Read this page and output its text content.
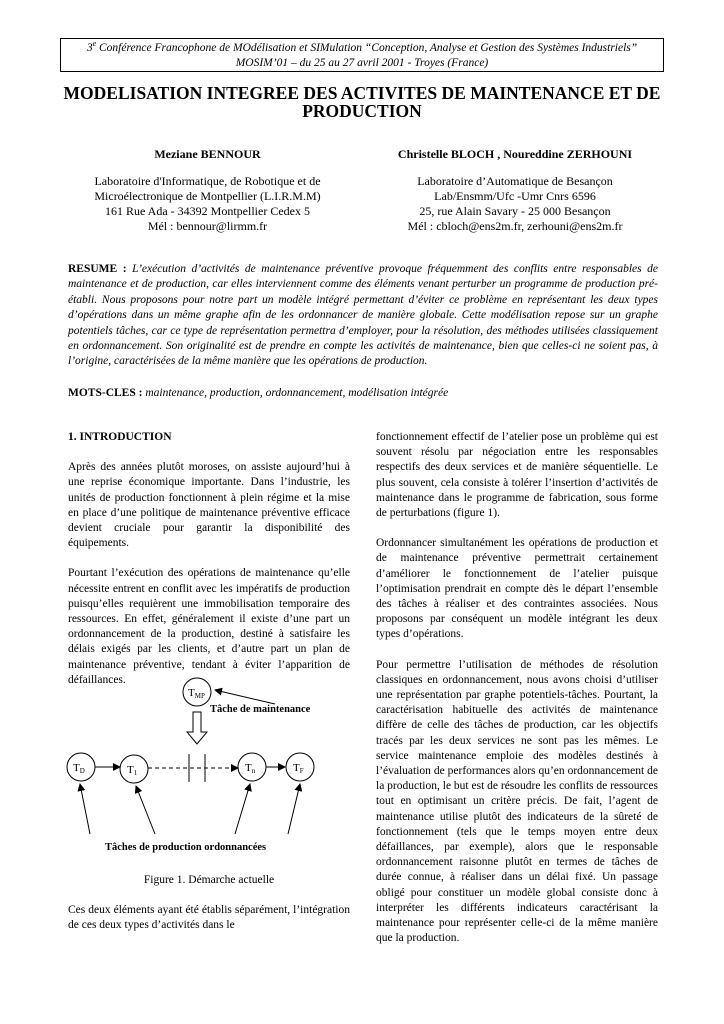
3e Conférence Francophone de MOdélisation et SIMulation “Conception, Analyse et Gestion des Systèmes Industriels”
MOSIM’01 – du 25 au 27 avril 2001 - Troyes (France)
MODELISATION INTEGREE DES ACTIVITES DE MAINTENANCE ET DE
PRODUCTION
Meziane BENNOUR
Laboratoire d'Informatique, de Robotique et de
Microélectronique de Montpellier (L.I.R.M.M)
161 Rue Ada - 34392 Montpellier Cedex 5
Mél : bennour@lirmm.fr
Christelle BLOCH , Noureddine ZERHOUNI
Laboratoire d’Automatique de Besançon
Lab/Ensmm/Ufc -Umr Cnrs 6596
25, rue Alain Savary - 25 000 Besançon
Mél : cbloch@ens2m.fr, zerhouni@ens2m.fr
RESUME : L’exécution d’activités de maintenance préventive provoque fréquemment des conflits entre responsables de maintenance et de production, car elles interviennent comme des éléments venant perturber un programme de production pré-établi. Nous proposons pour notre part un modèle intégré permettant d’éviter ce problème en représentant les deux types d’opérations dans un même graphe afin de les ordonnancer de manière globale. Cette modélisation repose sur un graphe potentiels tâches, car ce type de représentation permettra d’employer, pour la résolution, des méthodes utilisées classiquement en ordonnancement. Son originalité est de prendre en compte les activités de maintenance, bien que celles-ci ne soient pas, à l’origine, caractérisées de la même manière que les opérations de production.
MOTS-CLES : maintenance, production, ordonnancement, modélisation intégrée
1. INTRODUCTION

Après des années plutôt moroses, on assiste aujourd’hui à une reprise économique importante. Dans l’industrie, les unités de production fonctionnent à plein régime et la mise en place d’une politique de maintenance préventive efficace devient cruciale pour garantir la disponibilité des équipements.

Pourtant l’exécution des opérations de maintenance qu’elle nécessite entrent en conflit avec les impératifs de production puisqu’elles requièrent une immobilisation temporaire des ressources. En effet, généralement il existe d’une part un ordonnancement de la production, destiné à satisfaire les délais exigés par les clients, et d’autre part un plan de maintenance préventive, tendant à éviter l’apparition de défaillances.

TMP
Tâche de maintenance
TD	T1	Tn	TF
Tâches de production ordonnancées
Figure 1. Démarche actuelle
Ces deux éléments ayant été établis séparément, l’intégration de ces deux types d’activités dans le

fonctionnement effectif de l’atelier pose un problème qui est souvent résolu par négociation entre les responsables respectifs des deux services et de manière séquentielle. Le plus souvent, cela consiste à tolérer l’insertion d’activités de maintenance dans le programme de fabrication, sous forme de perturbations (figure 1).

Ordonnancer simultanément les opérations de production et de maintenance préventive permettrait certainement d’améliorer le fonctionnement de l’atelier puisque l’optimisation prendrait en compte dès le départ l’ensemble des tâches à réaliser et des contraintes associées. Nous proposons par conséquent un modèle intégrant les deux types d’opérations.

Pour permettre l’utilisation de méthodes de résolution classiques en ordonnancement, nous avons choisi d’utiliser une représentation par graphe potentiels-tâches. Pourtant, la caractérisation habituelle des activités de maintenance diffère de celle des tâches de production, car les objectifs tracés par les deux services ne sont pas les mêmes. Le service maintenance emploie des modèles destinés à l’évaluation de performances alors qu’en ordonnancement de la production, le but est de résoudre les conflits de ressources tout en optimisant un critère précis. De fait, l’agent de maintenance utilise plutôt des indicateurs de la sûreté de fonctionnement (tels que le temps moyen entre deux défaillances, par exemple), alors que le responsable ordonnancement raisonne plutôt en termes de tâches de durée connue, à réaliser dans un délai fixé. Un passage obligé pour constituer un modèle global consiste donc à interpréter les différents indicateurs caractérisant la maintenance pour représenter celle-ci de la même manière que la production.
